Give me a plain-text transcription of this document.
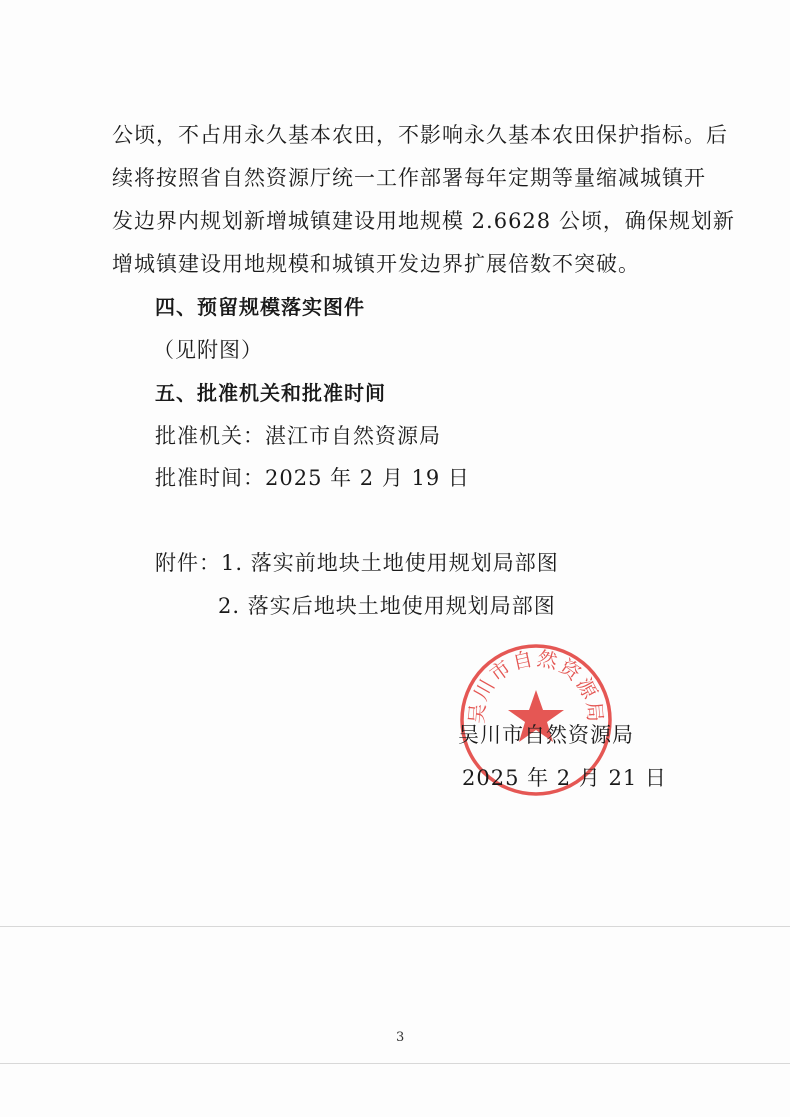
公顷，不占用永久基本农田，不影响永久基本农田保护指标。后
续将按照省自然资源厅统一工作部署每年定期等量缩减城镇开
发边界内规划新增城镇建设用地规模 2.6628 公顷，确保规划新
增城镇建设用地规模和城镇开发边界扩展倍数不突破。
四、预留规模落实图件
（见附图）
五、批准机关和批准时间
批准机关：湛江市自然资源局
批准时间：2025 年 2 月 19 日
附件：1. 落实前地块土地使用规划局部图
2. 落实后地块土地使用规划局部图
吴川市自然资源局
吴川市自然资源局
2025 年 2 月 21 日
3
